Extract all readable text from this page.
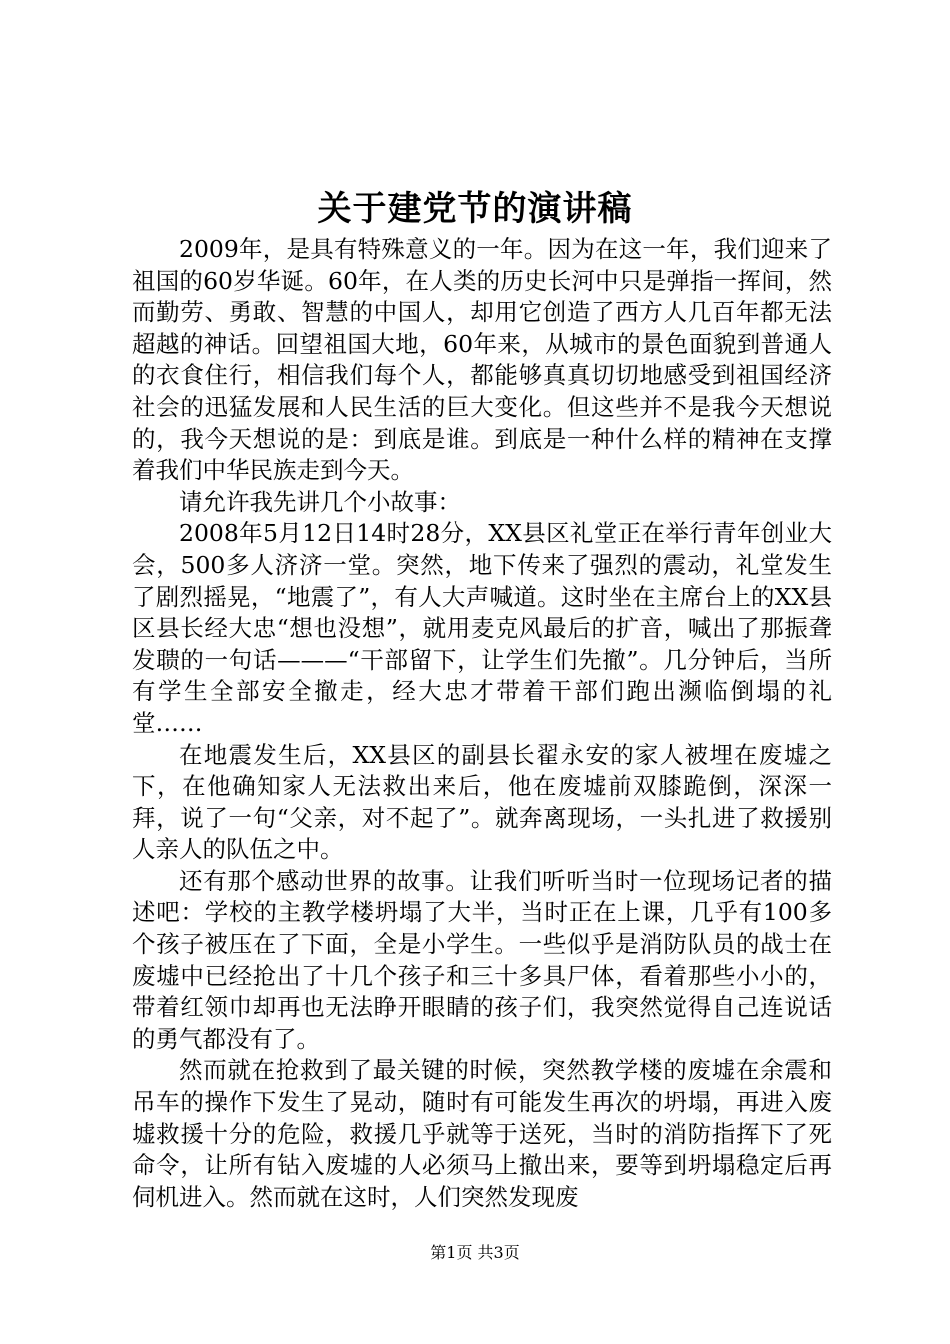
关于建党节的演讲稿

2009年，是具有特殊意义的一年。因为在这一年，我们迎来了祖国的60岁华诞。60年，在人类的历史长河中只是弹指一挥间，然而勤劳、勇敢、智慧的中国人，却用它创造了西方人几百年都无法超越的神话。回望祖国大地，60年来，从城市的景色面貌到普通人的衣食住行，相信我们每个人，都能够真真切切地感受到祖国经济社会的迅猛发展和人民生活的巨大变化。但这些并不是我今天想说的，我今天想说的是：到底是谁。到底是一种什么样的精神在支撑着我们中华民族走到今天。

请允许我先讲几个小故事：

2008年5月12日14时28分，XX县区礼堂正在举行青年创业大会，500多人济济一堂。突然，地下传来了强烈的震动，礼堂发生了剧烈摇晃，“地震了”，有人大声喊道。这时坐在主席台上的XX县区县长经大忠“想也没想”，就用麦克风最后的扩音，喊出了那振聋发聩的一句话———“干部留下，让学生们先撤”。几分钟后，当所有学生全部安全撤走，经大忠才带着干部们跑出濒临倒塌的礼堂……

在地震发生后，XX县区的副县长翟永安的家人被埋在废墟之下，在他确知家人无法救出来后，他在废墟前双膝跪倒，深深一拜，说了一句“父亲，对不起了”。就奔离现场，一头扎进了救援别人亲人的队伍之中。

还有那个感动世界的故事。让我们听听当时一位现场记者的描述吧：学校的主教学楼坍塌了大半，当时正在上课，几乎有100多个孩子被压在了下面，全是小学生。一些似乎是消防队员的战士在废墟中已经抢出了十几个孩子和三十多具尸体，看着那些小小的，带着红领巾却再也无法睁开眼睛的孩子们，我突然觉得自己连说话的勇气都没有了。

然而就在抢救到了最关键的时候，突然教学楼的废墟在余震和吊车的操作下发生了晃动，随时有可能发生再次的坍塌，再进入废墟救援十分的危险，救援几乎就等于送死，当时的消防指挥下了死命令，让所有钻入废墟的人必须马上撤出来，要等到坍塌稳定后再伺机进入。然而就在这时，人们突然发现废

第1页 共3页
